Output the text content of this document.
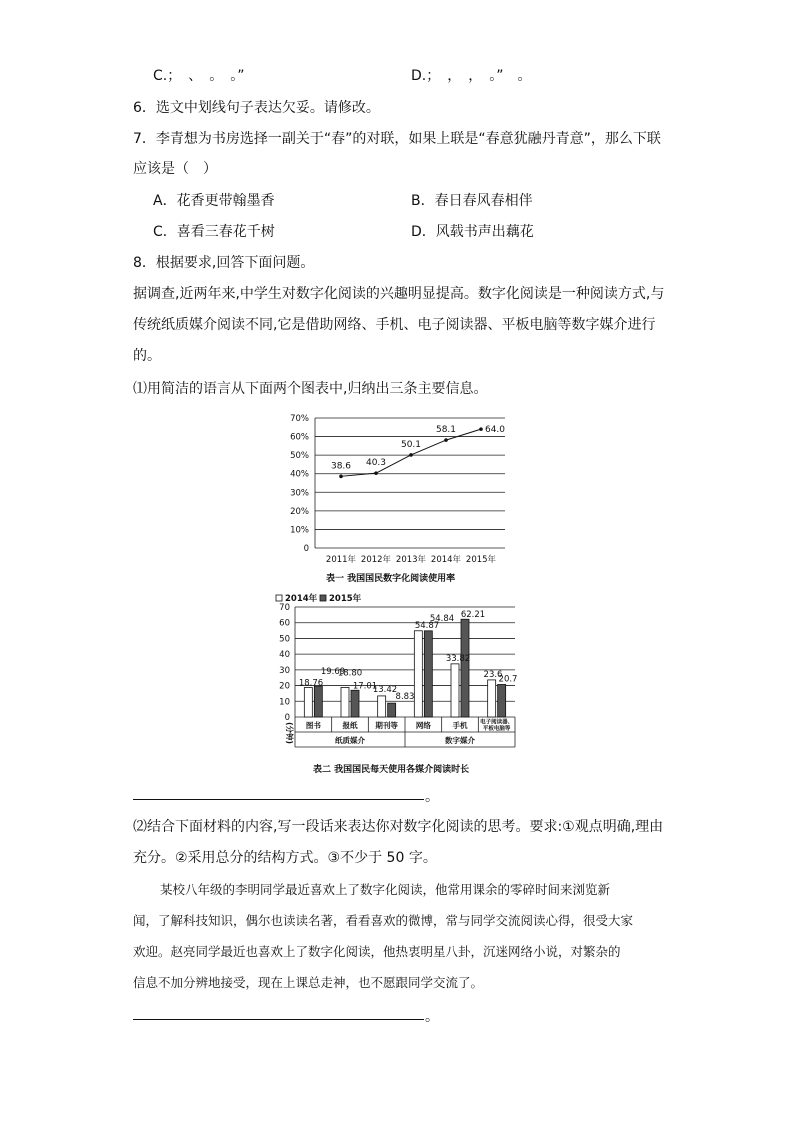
C.；　、　。　。”	D.；　，　，　。”　。
6．选文中划线句子表达欠妥。请修改。
7．李青想为书房选择一副关于“春”的对联，如果上联是“春意犹融丹青意”，那么下联
应该是（　）
A．花香更带翰墨香	B．春日春风春相伴
C．喜看三春花千树	D．风载书声出藕花
8．根据要求,回答下面问题。
据调查,近两年来,中学生对数字化阅读的兴趣明显提高。数字化阅读是一种阅读方式,与
传统纸质媒介阅读不同,它是借助网络、手机、电子阅读器、平板电脑等数字媒介进行
的。
⑴用简洁的语言从下面两个图表中,归纳出三条主要信息。
0
10%
20%
30%
40%
50%
60%
70%
2011年 2012年 2013年 2014年 2015年
38.6 40.3
50.1
58.1	64.0
表一 我国国民数字化阅读使用率
2014年 2015年
0
10
20
30
40
50
60
70
18.76
19.69
18.80
17.01
13.42
8.83
54.87
54.84
33.82
62.21
23.6
20.7
图书	报纸 期刊等 网络	手机 电子阅读器、
平板电脑等
纸质媒介	数字媒介
(分钟)
表二 我国国民每天使用各媒介阅读时长
。
⑵结合下面材料的内容,写一段话来表达你对数字化阅读的思考。要求:①观点明确,理由
充分。②采用总分的结构方式。③不少于 50 字。
某校八年级的李明同学最近喜欢上了数字化阅读，他常用课余的零碎时间来浏览新
闻，了解科技知识，偶尔也读读名著，看看喜欢的微博，常与同学交流阅读心得，很受大家
欢迎。赵亮同学最近也喜欢上了数字化阅读，他热衷明星八卦，沉迷网络小说，对繁杂的
信息不加分辨地接受，现在上课总走神，也不愿跟同学交流了。
。
